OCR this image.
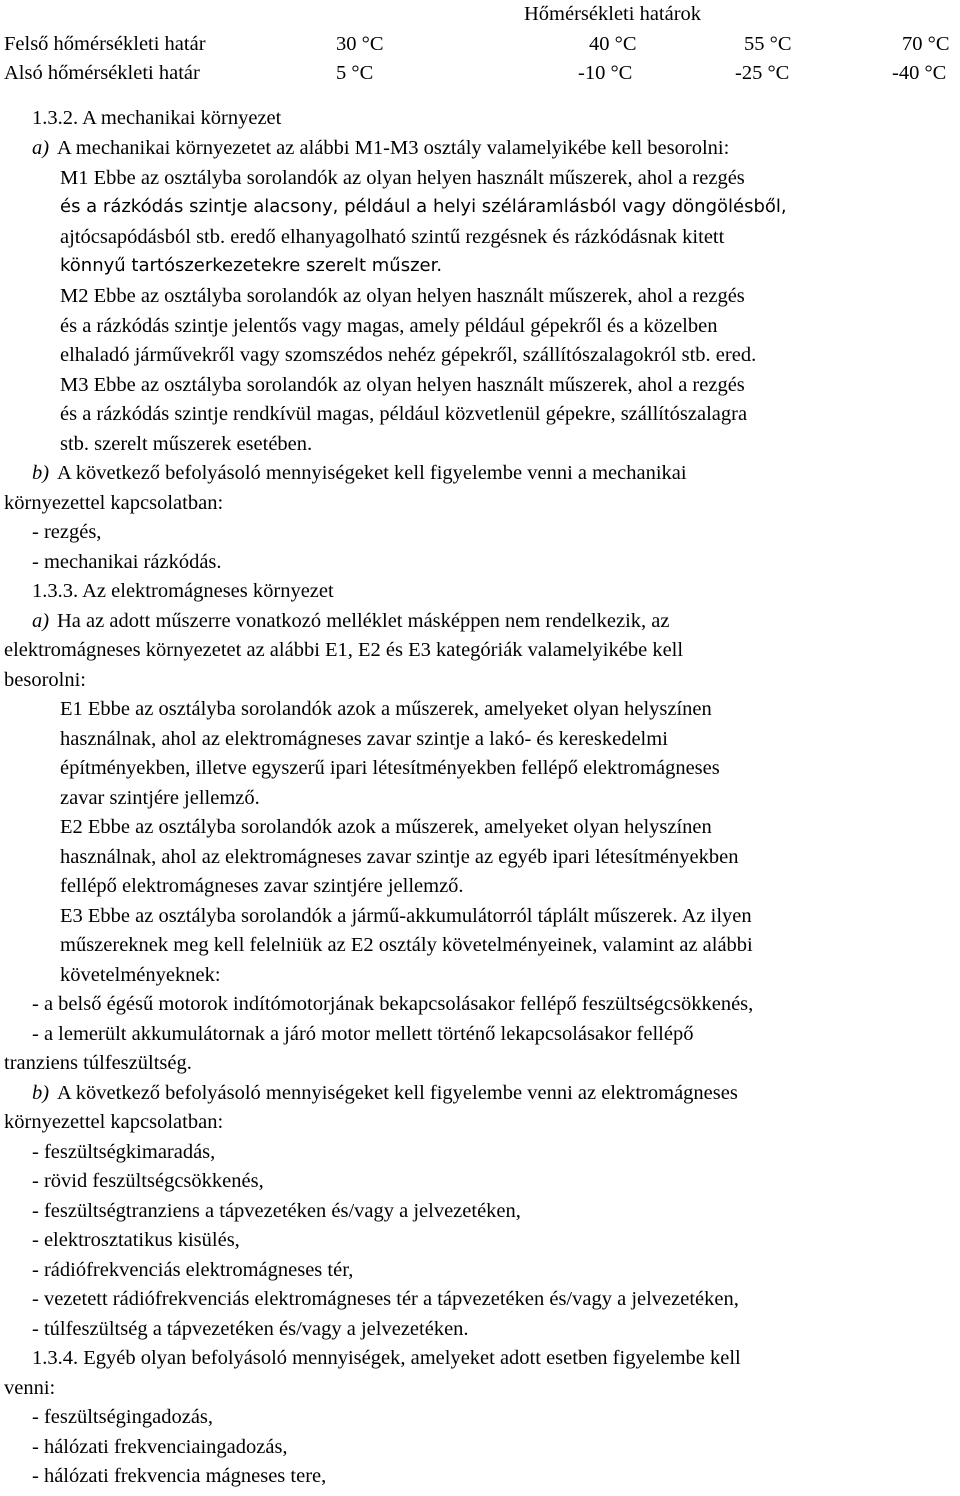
Hőmérsékleti határok
Felső hőmérsékleti határ	30 °C	40 °C	55 °C	70 °C
Alsó hőmérsékleti határ	5 °C	-10 °C	-25 °C	-40 °C
1.3.2. A mechanikai környezet
a) A mechanikai környezetet az alábbi M1-M3 osztály valamelyikébe kell besorolni:
M1 Ebbe az osztályba sorolandók az olyan helyen használt műszerek, ahol a rezgés
és a rázkódás szintje alacsony, például a helyi széláramlásból vagy döngölésből,
ajtócsapódásból stb. eredő elhanyagolható szintű rezgésnek és rázkódásnak kitett
könnyű tartószerkezetekre szerelt műszer.
M2 Ebbe az osztályba sorolandók az olyan helyen használt műszerek, ahol a rezgés
és a rázkódás szintje jelentős vagy magas, amely például gépekről és a közelben
elhaladó járművekről vagy szomszédos nehéz gépekről, szállítószalagokról stb. ered.
M3 Ebbe az osztályba sorolandók az olyan helyen használt műszerek, ahol a rezgés
és a rázkódás szintje rendkívül magas, például közvetlenül gépekre, szállítószalagra
stb. szerelt műszerek esetében.
b) A következő befolyásoló mennyiségeket kell figyelembe venni a mechanikai
környezettel kapcsolatban:
- rezgés,
- mechanikai rázkódás.
1.3.3. Az elektromágneses környezet
a) Ha az adott műszerre vonatkozó melléklet másképpen nem rendelkezik, az
elektromágneses környezetet az alábbi E1, E2 és E3 kategóriák valamelyikébe kell
besorolni:
E1 Ebbe az osztályba sorolandók azok a műszerek, amelyeket olyan helyszínen
használnak, ahol az elektromágneses zavar szintje a lakó- és kereskedelmi
építményekben, illetve egyszerű ipari létesítményekben fellépő elektromágneses
zavar szintjére jellemző.
E2 Ebbe az osztályba sorolandók azok a műszerek, amelyeket olyan helyszínen
használnak, ahol az elektromágneses zavar szintje az egyéb ipari létesítményekben
fellépő elektromágneses zavar szintjére jellemző.
E3 Ebbe az osztályba sorolandók a jármű-akkumulátorról táplált műszerek. Az ilyen
műszereknek meg kell felelniük az E2 osztály követelményeinek, valamint az alábbi
követelményeknek:
- a belső égésű motorok indítómotorjának bekapcsolásakor fellépő feszültségcsökkenés,
- a lemerült akkumulátornak a járó motor mellett történő lekapcsolásakor fellépő
tranziens túlfeszültség.
b) A következő befolyásoló mennyiségeket kell figyelembe venni az elektromágneses
környezettel kapcsolatban:
- feszültségkimaradás,
- rövid feszültségcsökkenés,
- feszültségtranziens a tápvezetéken és/vagy a jelvezetéken,
- elektrosztatikus kisülés,
- rádiófrekvenciás elektromágneses tér,
- vezetett rádiófrekvenciás elektromágneses tér a tápvezetéken és/vagy a jelvezetéken,
- túlfeszültség a tápvezetéken és/vagy a jelvezetéken.
1.3.4. Egyéb olyan befolyásoló mennyiségek, amelyeket adott esetben figyelembe kell
venni:
- feszültségingadozás,
- hálózati frekvenciaingadozás,
- hálózati frekvencia mágneses tere,
